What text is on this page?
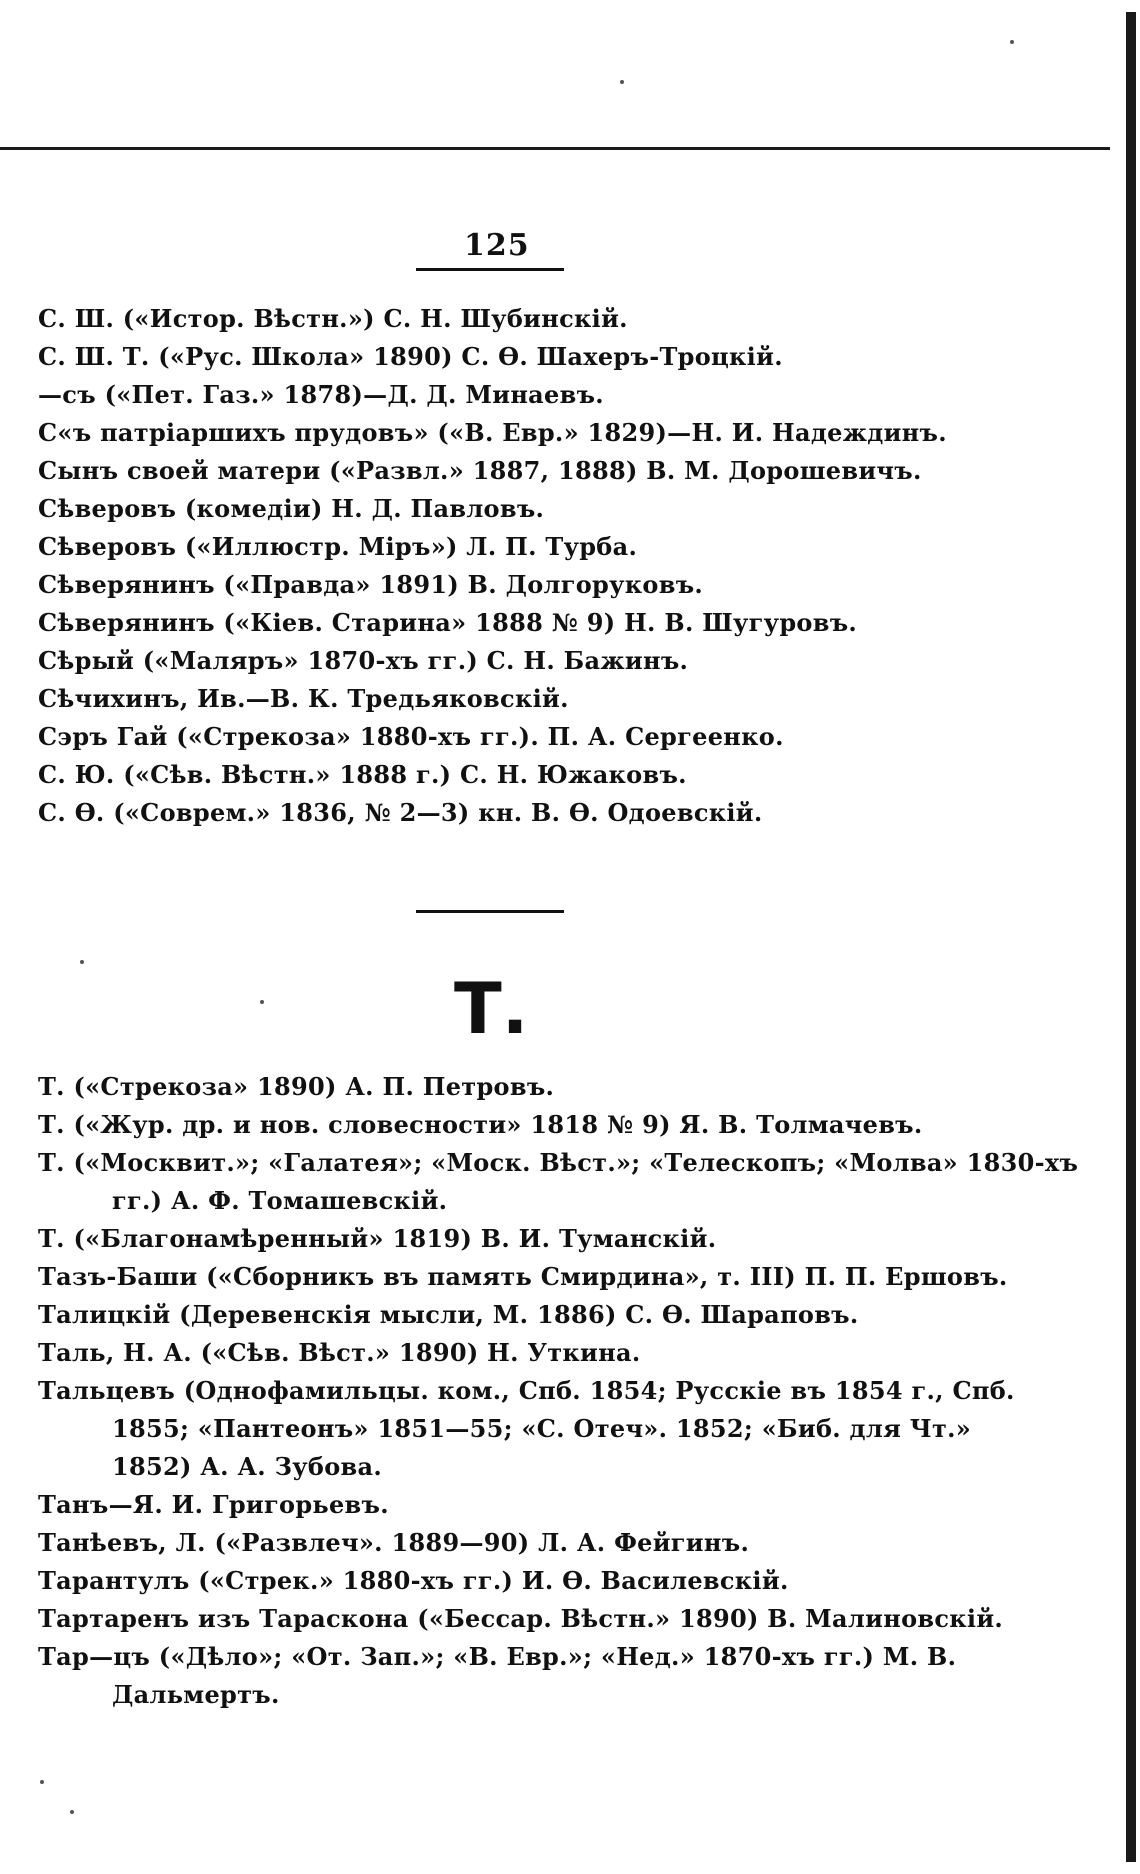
125
С. Ш. («Истор. Вѣстн.») С. Н. Шубинскій.
С. Ш. Т. («Рус. Школа» 1890) С. Ѳ. Шахеръ-Троцкій.
—съ («Пет. Газ.» 1878)—Д. Д. Минаевъ.
С«ъ патріаршихъ прудовъ» («В. Евр.» 1829)—Н. И. Надеждинъ.
Сынъ своей матери («Развл.» 1887, 1888) В. М. Дорошевичъ.
Сѣверовъ (комедіи) Н. Д. Павловъ.
Сѣверовъ («Иллюстр. Міръ») Л. П. Турба.
Сѣверянинъ («Правда» 1891) В. Долгоруковъ.
Сѣверянинъ («Кіев. Старина» 1888 № 9) Н. В. Шугуровъ.
Сѣрый («Маляръ» 1870-хъ гг.) С. Н. Бажинъ.
Сѣчихинъ, Ив.—В. К. Тредьяковскій.
Сэръ Гай («Стрекоза» 1880-хъ гг.). П. А. Сергеенко.
С. Ю. («Сѣв. Вѣстн.» 1888 г.) С. Н. Южаковъ.
С. Ѳ. («Соврем.» 1836, № 2—3) кн. В. Ѳ. Одоевскій.
Т.
Т. («Стрекоза» 1890) А. П. Петровъ.
Т. («Жур. др. и нов. словесности» 1818 № 9) Я. В. Толмачевъ.
Т. («Москвит.»; «Галатея»; «Моск. Вѣст.»; «Телескопъ; «Молва» 1830-хъ
гг.) А. Ф. Томашевскій.
Т. («Благонамѣренный» 1819) В. И. Туманскій.
Тазъ-Баши («Сборникъ въ память Смирдина», т. III) П. П. Ершовъ.
Талицкій (Деревенскія мысли, М. 1886) С. Ѳ. Шараповъ.
Таль, Н. А. («Сѣв. Вѣст.» 1890) Н. Уткина.
Тальцевъ (Однофамильцы. ком., Спб. 1854; Русскіе въ 1854 г., Спб.
1855; «Пантеонъ» 1851—55; «С. Отеч». 1852; «Биб. для Чт.»
1852) А. А. Зубова.
Танъ—Я. И. Григорьевъ.
Танѣевъ, Л. («Развлеч». 1889—90) Л. А. Фейгинъ.
Тарантулъ («Стрек.» 1880-хъ гг.) И. Ѳ. Василевскій.
Тартаренъ изъ Тараскона («Бессар. Вѣстн.» 1890) В. Малиновскій.
Тар—цъ («Дѣло»; «От. Зап.»; «В. Евр.»; «Нед.» 1870-хъ гг.) М. В.
Дальмертъ.
